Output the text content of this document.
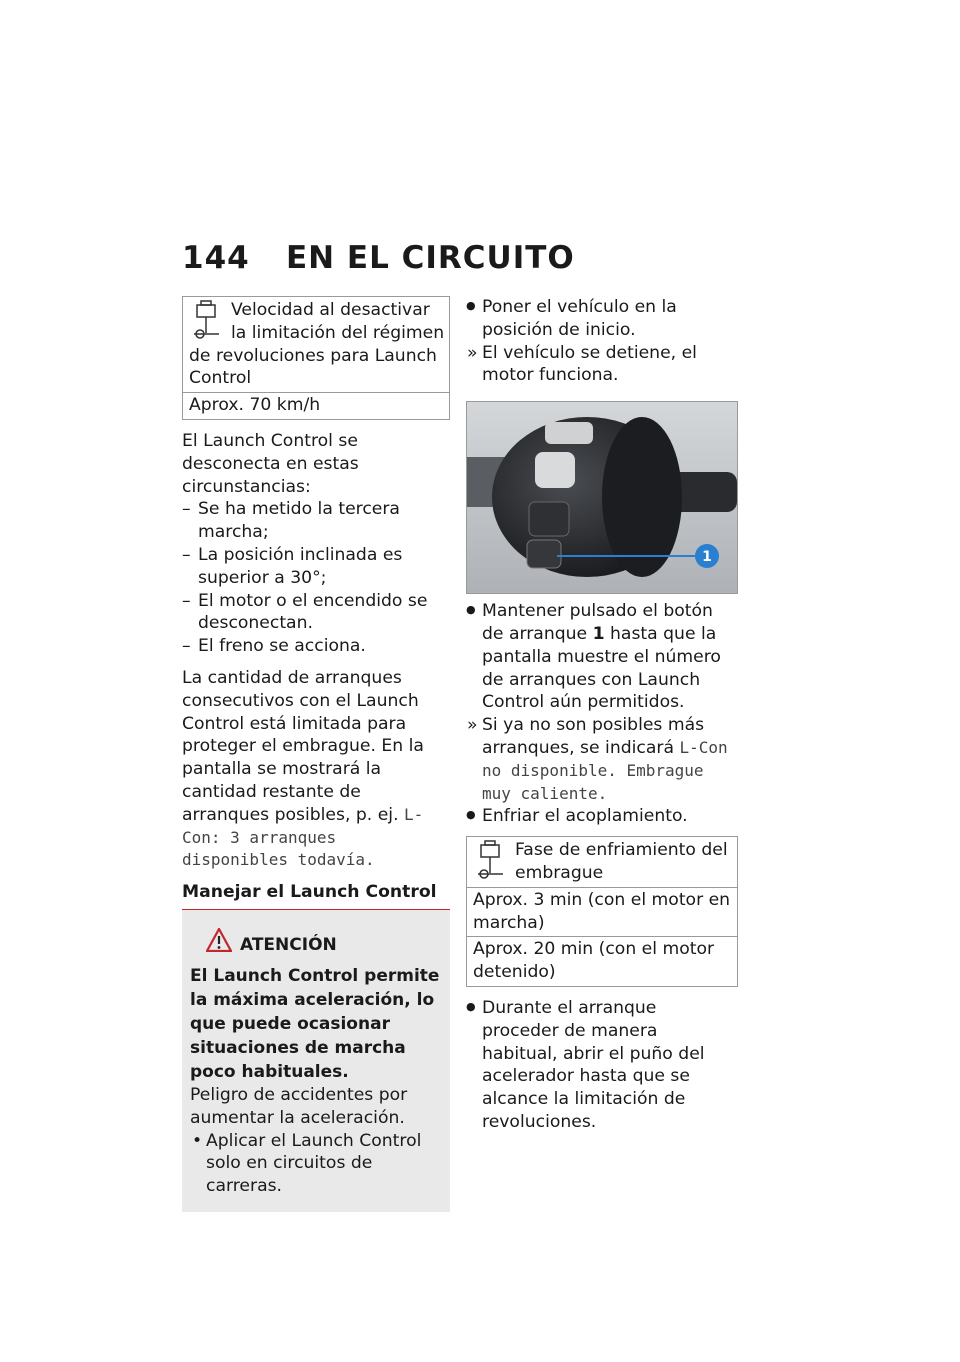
144 EN EL CIRCUITO
Velocidad al desactivar la limitación del régimen de revoluciones para Launch Control
Aprox. 70 km/h

El Launch Control se desconecta en estas circunstancias:

– Se ha metido la tercera marcha;

– La posición inclinada es superior a 30°;

– El motor o el encendido se desconectan.

– El freno se acciona.

La cantidad de arranques consecutivos con el Launch Control está limitada para proteger el embrague. En la pantalla se mostrará la cantidad restante de arranques posibles, p. ej. L-Con: 3 arranques disponibles todavía.

Manejar el Launch Control

ATENCIÓN
El Launch Control permite la máxima aceleración, lo que puede ocasionar situaciones de marcha poco habituales.

Peligro de accidentes por aumentar la aceleración.

• Aplicar el Launch Control solo en circuitos de carreras.

● Poner el vehículo en la posición de inicio.

» El vehículo se detiene, el motor funciona.

1

● Mantener pulsado el botón de arranque 1 hasta que la pantalla muestre el número de arranques con Launch Control aún permitidos.

» Si ya no son posibles más arranques, se indicará L-Con no disponible. Embrague muy caliente.

● Enfriar el acoplamiento.

Fase de enfriamiento del embrague
Aprox. 3 min (con el motor en marcha)
Aprox. 20 min (con el motor detenido)

● Durante el arranque proceder de manera habitual, abrir el puño del acelerador hasta que se alcance la limitación de revoluciones.
